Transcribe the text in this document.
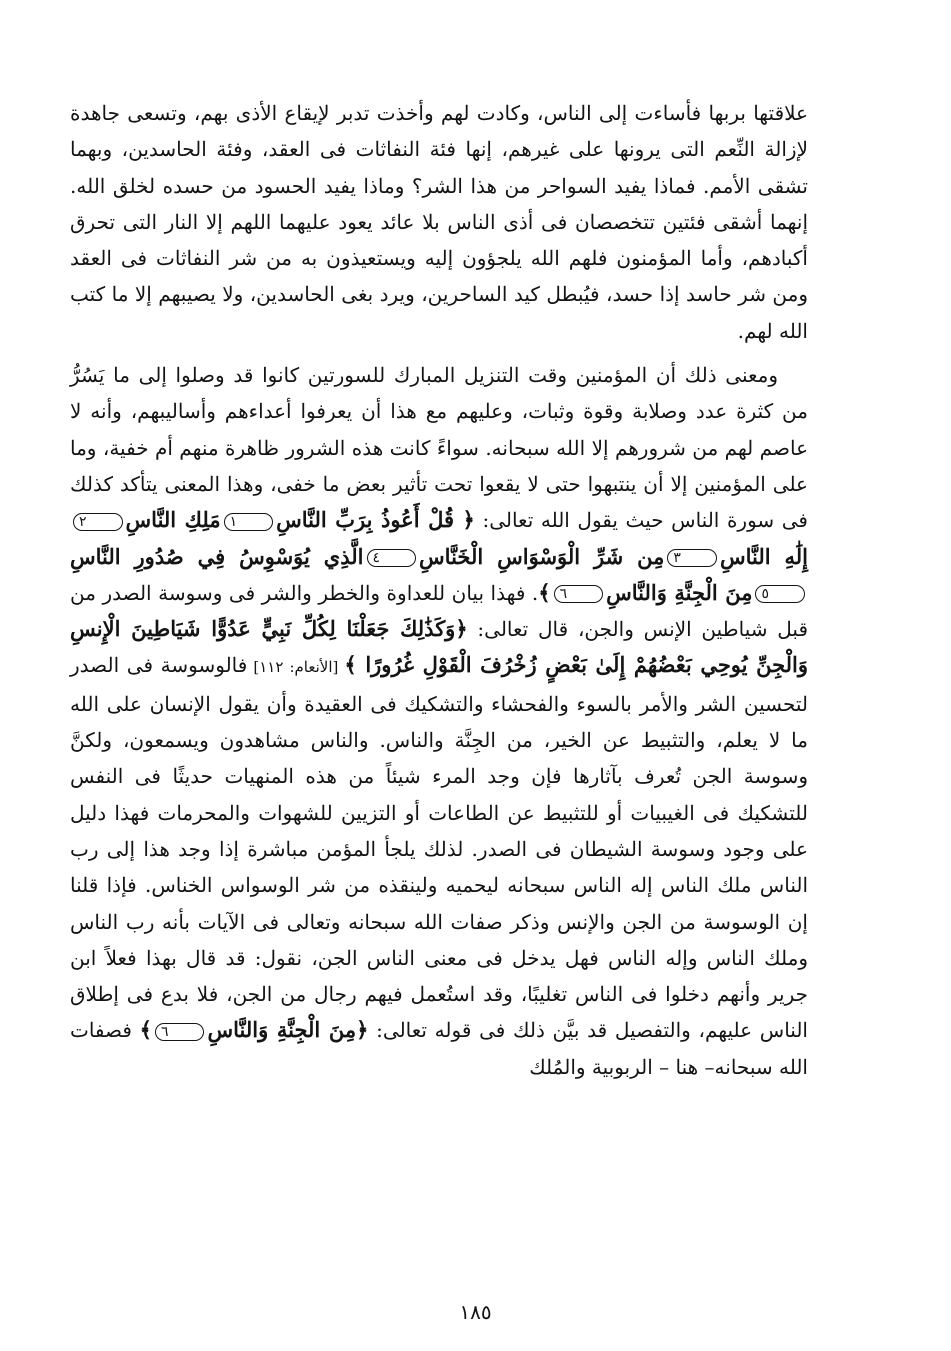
علاقتها بربها فأساءت إلى الناس، وكادت لهم وأخذت تدبر لإيقاع الأذى بهم، وتسعى جاهدة لإزالة النِّعم التى يرونها على غيرهم، إنها فئة النفاثات فى العقد، وفئة الحاسدين، وبهما تشقى الأمم. فماذا يفيد السواحر من هذا الشر؟ وماذا يفيد الحسود من حسده لخلق الله. إنهما أشقى فئتين تتخصصان فى أذى الناس بلا عائد يعود عليهما اللهم إلا النار التى تحرق أكبادهم، وأما المؤمنون فلهم الله يلجؤون إليه ويستعيذون به من شر النفاثات فى العقد ومن شر حاسد إذا حسد، فيُبطل كيد الساحرين، ويرد بغى الحاسدين، ولا يصيبهم إلا ما كتب الله لهم.

ومعنى ذلك أن المؤمنين وقت التنزيل المبارك للسورتين كانوا قد وصلوا إلى ما يَسُرُّ من كثرة عدد وصلابة وقوة وثبات، وعليهم مع هذا أن يعرفوا أعداءهم وأساليبهم، وأنه لا عاصم لهم من شرورهم إلا الله سبحانه. سواءً كانت هذه الشرور ظاهرة منهم أم خفية، وما على المؤمنين إلا أن ينتبهوا حتى لا يقعوا تحت تأثير بعض ما خفى، وهذا المعنى يتأكد كذلك فى سورة الناس حيث يقول الله تعالى: ﴿ قُلْ أَعُوذُ بِرَبِّ النَّاسِ١مَلِكِ النَّاسِ٢إِلَٰهِ النَّاسِ٣مِن شَرِّ الْوَسْوَاسِ الْخَنَّاسِ٤الَّذِي يُوَسْوِسُ فِي صُدُورِ النَّاسِ٥مِنَ الْجِنَّةِ وَالنَّاسِ٦﴾. فهذا بيان للعداوة والخطر والشر فى وسوسة الصدر من قبل شياطين الإنس والجن، قال تعالى: ﴿وَكَذَٰلِكَ جَعَلْنَا لِكُلِّ نَبِيٍّ عَدُوًّا شَيَاطِينَ الْإِنسِ وَالْجِنِّ يُوحِي بَعْضُهُمْ إِلَىٰ بَعْضٍ زُخْرُفَ الْقَوْلِ غُرُورًا ﴾ [الأنعام: ١١٢] فالوسوسة فى الصدر لتحسين الشر والأمر بالسوء والفحشاء والتشكيك فى العقيدة وأن يقول الإنسان على الله ما لا يعلم، والتثبيط عن الخير، من الجِنَّة والناس. والناس مشاهدون ويسمعون، ولكنَّ وسوسة الجن تُعرف بآثارها فإن وجد المرء شيئاً من هذه المنهيات حديثًا فى النفس للتشكيك فى الغيبيات أو للتثبيط عن الطاعات أو التزيين للشهوات والمحرمات فهذا دليل على وجود وسوسة الشيطان فى الصدر. لذلك يلجأ المؤمن مباشرة إذا وجد هذا إلى رب الناس ملك الناس إله الناس سبحانه ليحميه ولينقذه من شر الوسواس الخناس. فإذا قلنا إن الوسوسة من الجن والإنس وذكر صفات الله سبحانه وتعالى فى الآيات بأنه رب الناس وملك الناس وإله الناس فهل يدخل فى معنى الناس الجن، نقول: قد قال بهذا فعلاً ابن جرير وأنهم دخلوا فى الناس تغليبًا، وقد استُعمل فيهم رجال من الجن، فلا بدع فى إطلاق الناس عليهم، والتفصيل قد بيَّن ذلك فى قوله تعالى: ﴿مِنَ الْجِنَّةِ وَالنَّاسِ٦﴾ فصفات الله سبحانه– هنا – الربوبية والمُلك

١٨٥
